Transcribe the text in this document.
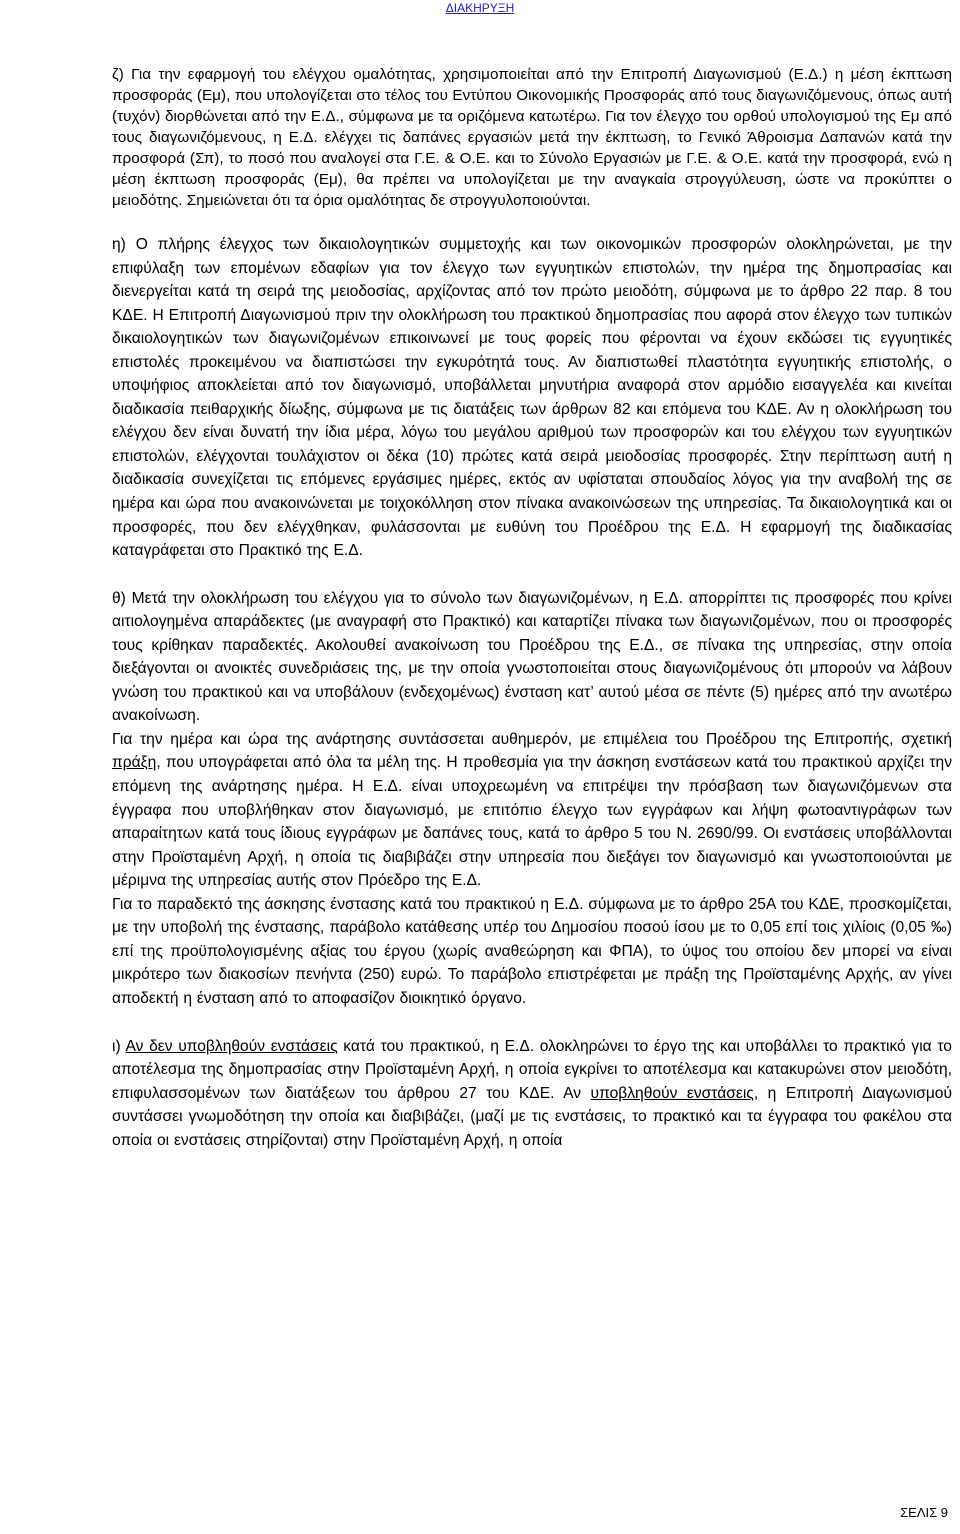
ΔΙΑΚΗΡΥΞΗ

ζ) Για την εφαρμογή του ελέγχου ομαλότητας, χρησιμοποιείται από την Επιτροπή Διαγωνισμού (Ε.Δ.) η μέση έκπτωση προσφοράς (Εμ), που υπολογίζεται στο τέλος του Εντύπου Οικονομικής Προσφοράς από τους διαγωνιζόμενους, όπως αυτή (τυχόν) διορθώνεται από την Ε.Δ., σύμφωνα με τα οριζόμενα κατωτέρω. Για τον έλεγχο του ορθού υπολογισμού της Εμ από τους διαγωνιζόμενους, η Ε.Δ. ελέγχει τις δαπάνες εργασιών μετά την έκπτωση, το Γενικό Άθροισμα Δαπανών κατά την προσφορά (Σπ), το ποσό που αναλογεί στα Γ.Ε. & Ο.Ε. και το Σύνολο Εργασιών με Γ.Ε. & Ο.Ε. κατά την προσφορά, ενώ η μέση έκπτωση προσφοράς (Εμ), θα πρέπει να υπολογίζεται με την αναγκαία στρογγύλευση, ώστε να προκύπτει ο μειοδότης. Σημειώνεται ότι τα όρια ομαλότητας δε στρογγυλοποιούνται.

η) Ο πλήρης έλεγχος των δικαιολογητικών συμμετοχής και των οικονομικών προσφορών ολοκληρώνεται, με την επιφύλαξη των επομένων εδαφίων για τον έλεγχο των εγγυητικών επιστολών, την ημέρα της δημοπρασίας και διενεργείται κατά τη σειρά της μειοδοσίας, αρχίζοντας από τον πρώτο μειοδότη, σύμφωνα με το άρθρο 22 παρ. 8 του ΚΔΕ. Η Επιτροπή Διαγωνισμού πριν την ολοκλήρωση του πρακτικού δημοπρασίας που αφορά στον έλεγχο των τυπικών δικαιολογητικών των διαγωνιζομένων επικοινωνεί με τους φορείς που φέρονται να έχουν εκδώσει τις εγγυητικές επιστολές προκειμένου να διαπιστώσει την εγκυρότητά τους. Αν διαπιστωθεί πλαστότητα εγγυητικής επιστολής, ο υποψήφιος αποκλείεται από τον διαγωνισμό, υποβάλλεται μηνυτήρια αναφορά στον αρμόδιο εισαγγελέα και κινείται διαδικασία πειθαρχικής δίωξης, σύμφωνα με τις διατάξεις των άρθρων 82 και επόμενα του ΚΔΕ. Αν η ολοκλήρωση του ελέγχου δεν είναι δυνατή την ίδια μέρα, λόγω του μεγάλου αριθμού των προσφορών και του ελέγχου των εγγυητικών επιστολών, ελέγχονται τουλάχιστον οι δέκα (10) πρώτες κατά σειρά μειοδοσίας προσφορές. Στην περίπτωση αυτή η διαδικασία συνεχίζεται τις επόμενες εργάσιμες ημέρες, εκτός αν υφίσταται σπουδαίος λόγος για την αναβολή της σε ημέρα και ώρα που ανακοινώνεται με τοιχοκόλληση στον πίνακα ανακοινώσεων της υπηρεσίας. Τα δικαιολογητικά και οι προσφορές, που δεν ελέγχθηκαν, φυλάσσονται με ευθύνη του Προέδρου της Ε.Δ. Η εφαρμογή της διαδικασίας καταγράφεται στο Πρακτικό της Ε.Δ.

θ) Μετά την ολοκλήρωση του ελέγχου για το σύνολο των διαγωνιζομένων, η Ε.Δ. απορρίπτει τις προσφορές που κρίνει αιτιολογημένα απαράδεκτες (με αναγραφή στο Πρακτικό) και καταρτίζει πίνακα των διαγωνιζομένων, που οι προσφορές τους κρίθηκαν παραδεκτές. Ακολουθεί ανακοίνωση του Προέδρου της Ε.Δ., σε πίνακα της υπηρεσίας, στην οποία διεξάγονται οι ανοικτές συνεδριάσεις της, με την οποία γνωστοποιείται στους διαγωνιζομένους ότι μπορούν να λάβουν γνώση του πρακτικού και να υποβάλουν (ενδεχομένως) ένσταση κατ’ αυτού μέσα σε πέντε (5) ημέρες από την ανωτέρω ανακοίνωση.

Για την ημέρα και ώρα της ανάρτησης συντάσσεται αυθημερόν, με επιμέλεια του Προέδρου της Επιτροπής, σχετική πράξη, που υπογράφεται από όλα τα μέλη της. Η προθεσμία για την άσκηση ενστάσεων κατά του πρακτικού αρχίζει την επόμενη της ανάρτησης ημέρα. Η Ε.Δ. είναι υποχρεωμένη να επιτρέψει την πρόσβαση των διαγωνιζόμενων στα έγγραφα που υποβλήθηκαν στον διαγωνισμό, με επιτόπιο έλεγχο των εγγράφων και λήψη φωτοαντιγράφων των απαραίτητων κατά τους ίδιους εγγράφων με δαπάνες τους, κατά το άρθρο 5 του Ν. 2690/99. Οι ενστάσεις υποβάλλονται στην Προϊσταμένη Αρχή, η οποία τις διαβιβάζει στην υπηρεσία που διεξάγει τον διαγωνισμό και γνωστοποιούνται με μέριμνα της υπηρεσίας αυτής στον Πρόεδρο της Ε.Δ.

Για το παραδεκτό της άσκησης ένστασης κατά του πρακτικού η Ε.Δ. σύμφωνα με το άρθρο 25Α του ΚΔΕ, προσκομίζεται, με την υποβολή της ένστασης, παράβολο κατάθεσης υπέρ του Δημοσίου ποσού ίσου με το 0,05 επί τοις χιλίοις (0,05 ‰) επί της προϋπολογισμένης αξίας του έργου (χωρίς αναθεώρηση και ΦΠΑ), το ύψος του οποίου δεν μπορεί να είναι μικρότερο των διακοσίων πενήντα (250) ευρώ. Το παράβολο επιστρέφεται με πράξη της Προϊσταμένης Αρχής, αν γίνει αποδεκτή η ένσταση από το αποφασίζον διοικητικό όργανο.

ι) Αν δεν υποβληθούν ενστάσεις κατά του πρακτικού, η Ε.Δ. ολοκληρώνει το έργο της και υποβάλλει το πρακτικό για το αποτέλεσμα της δημοπρασίας στην Προϊσταμένη Αρχή, η οποία εγκρίνει το αποτέλεσμα και κατακυρώνει στον μειοδότη, επιφυλασσομένων των διατάξεων του άρθρου 27 του ΚΔΕ. Αν υποβληθούν ενστάσεις, η Επιτροπή Διαγωνισμού συντάσσει γνωμοδότηση την οποία και διαβιβάζει, (μαζί με τις ενστάσεις, το πρακτικό και τα έγγραφα του φακέλου στα οποία οι ενστάσεις στηρίζονται) στην Προϊσταμένη Αρχή, η οποία

ΣΕΛΙΣ 9
